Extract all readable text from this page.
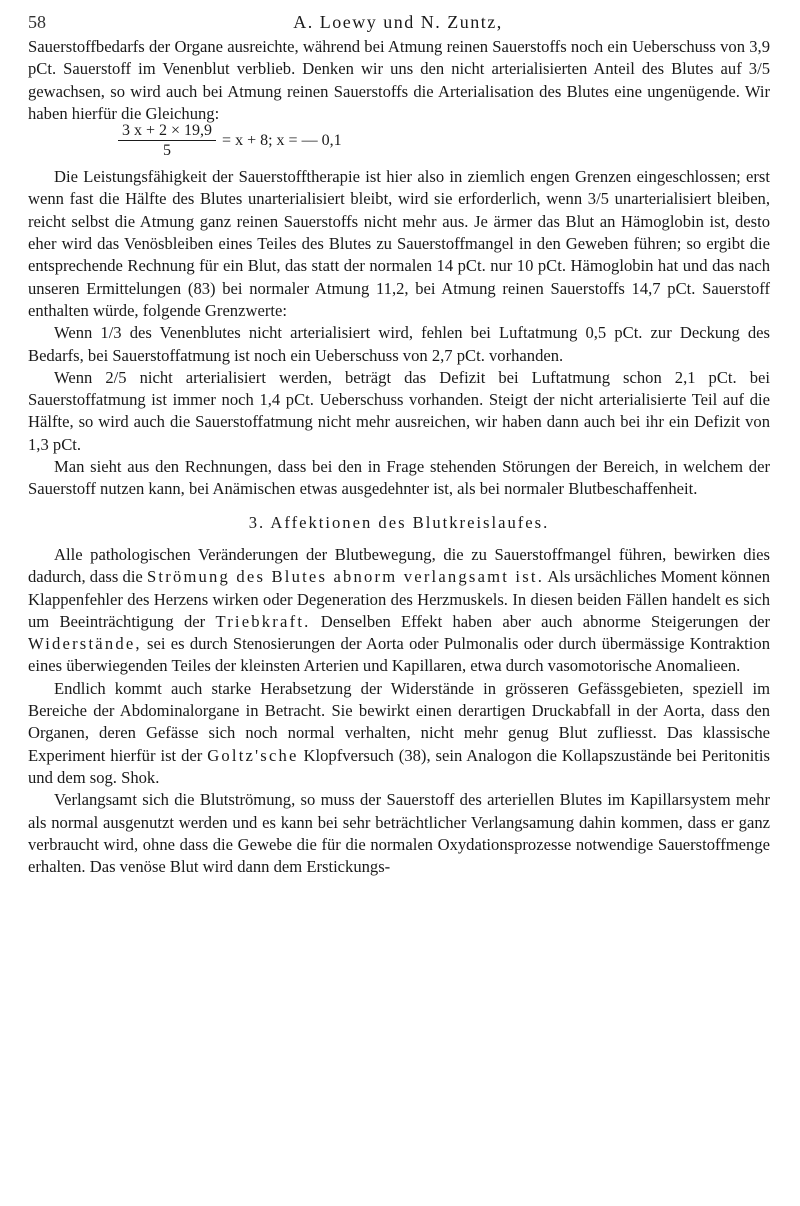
58	A. Loewy und N. Zuntz,

Sauerstoffbedarfs der Organe ausreichte, während bei Atmung reinen Sauerstoffs noch ein Ueberschuss von 3,9 pCt. Sauerstoff im Venenblut verblieb. Denken wir uns den nicht arterialisierten Anteil des Blutes auf 3/5 gewachsen, so wird auch bei Atmung reinen Sauerstoffs die Arterialisation des Blutes eine ungenügende. Wir haben hierfür die Gleichung:

$\frac{3 x + 2 \times 19,9}{5} = x + 8$; x = — 0,1

Die Leistungsfähigkeit der Sauerstofftherapie ist hier also in ziemlich engen Grenzen eingeschlossen; erst wenn fast die Hälfte des Blutes unarterialisiert bleibt, wird sie erforderlich, wenn 3/5 unarterialisiert bleiben, reicht selbst die Atmung ganz reinen Sauerstoffs nicht mehr aus. Je ärmer das Blut an Hämoglobin ist, desto eher wird das Venösbleiben eines Teiles des Blutes zu Sauerstoffmangel in den Geweben führen; so ergibt die entsprechende Rechnung für ein Blut, das statt der normalen 14 pCt. nur 10 pCt. Hämoglobin hat und das nach unseren Ermittelungen (83) bei normaler Atmung 11,2, bei Atmung reinen Sauerstoffs 14,7 pCt. Sauerstoff enthalten würde, folgende Grenzwerte:

Wenn 1/3 des Venenblutes nicht arterialisiert wird, fehlen bei Luftatmung 0,5 pCt. zur Deckung des Bedarfs, bei Sauerstoffatmung ist noch ein Ueberschuss von 2,7 pCt. vorhanden.

Wenn 2/5 nicht arterialisiert werden, beträgt das Defizit bei Luftatmung schon 2,1 pCt. bei Sauerstoffatmung ist immer noch 1,4 pCt. Ueberschuss vorhanden. Steigt der nicht arterialisierte Teil auf die Hälfte, so wird auch die Sauerstoffatmung nicht mehr ausreichen, wir haben dann auch bei ihr ein Defizit von 1,3 pCt.

Man sieht aus den Rechnungen, dass bei den in Frage stehenden Störungen der Bereich, in welchem der Sauerstoff nutzen kann, bei Anämischen etwas ausgedehnter ist, als bei normaler Blutbeschaffenheit.

3. Affektionen des Blutkreislaufes.

Alle pathologischen Veränderungen der Blutbewegung, die zu Sauerstoffmangel führen, bewirken dies dadurch, dass die Strömung des Blutes abnorm verlangsamt ist. Als ursächliches Moment können Klappenfehler des Herzens wirken oder Degeneration des Herzmuskels. In diesen beiden Fällen handelt es sich um Beeinträchtigung der Triebkraft. Denselben Effekt haben aber auch abnorme Steigerungen der Widerstände, sei es durch Stenosierungen der Aorta oder Pulmonalis oder durch übermässige Kontraktion eines überwiegenden Teiles der kleinsten Arterien und Kapillaren, etwa durch vasomotorische Anomalieen.

Endlich kommt auch starke Herabsetzung der Widerstände in grösseren Gefässgebieten, speziell im Bereiche der Abdominalorgane in Betracht. Sie bewirkt einen derartigen Druckabfall in der Aorta, dass den Organen, deren Gefässe sich noch normal verhalten, nicht mehr genug Blut zufliesst. Das klassische Experiment hierfür ist der Goltz'sche Klopfversuch (38), sein Analogon die Kollapszustände bei Peritonitis und dem sog. Shok.

Verlangsamt sich die Blutströmung, so muss der Sauerstoff des arteriellen Blutes im Kapillarsystem mehr als normal ausgenutzt werden und es kann bei sehr beträchtlicher Verlangsamung dahin kommen, dass er ganz verbraucht wird, ohne dass die Gewebe die für die normalen Oxydationsprozesse notwendige Sauerstoffmenge erhalten. Das venöse Blut wird dann dem Erstickungs-
